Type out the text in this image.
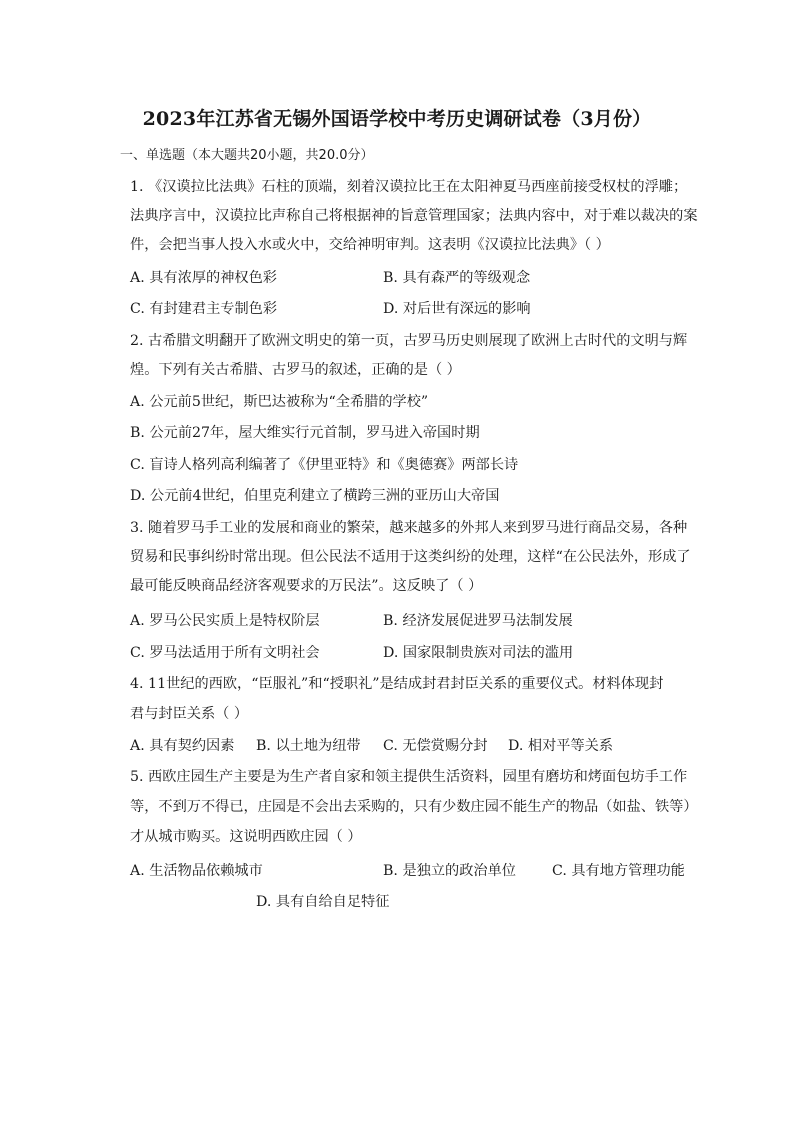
2023年江苏省无锡外国语学校中考历史调研试卷（3月份）
一、单选题（本大题共20小题，共20.0分）
1. 《汉谟拉比法典》石柱的顶端，刻着汉谟拉比王在太阳神夏马西座前接受权杖的浮雕；
法典序言中，汉谟拉比声称自己将根据神的旨意管理国家；法典内容中，对于难以裁决的案
件，会把当事人投入水或火中，交给神明审判。这表明《汉谟拉比法典》（ ）
A. 具有浓厚的神权色彩	B. 具有森严的等级观念
C. 有封建君主专制色彩	D. 对后世有深远的影响
2. 古希腊文明翻开了欧洲文明史的第一页，古罗马历史则展现了欧洲上古时代的文明与辉
煌。下列有关古希腊、古罗马的叙述，正确的是（ ）
A. 公元前5世纪，斯巴达被称为“全希腊的学校”
B. 公元前27年，屋大维实行元首制，罗马进入帝国时期
C. 盲诗人格列高利编著了《伊里亚特》和《奥德赛》两部长诗
D. 公元前4世纪，伯里克利建立了横跨三洲的亚历山大帝国
3. 随着罗马手工业的发展和商业的繁荣，越来越多的外邦人来到罗马进行商品交易，各种
贸易和民事纠纷时常出现。但公民法不适用于这类纠纷的处理，这样“在公民法外，形成了
最可能反映商品经济客观要求的万民法”。这反映了（ ）
A. 罗马公民实质上是特权阶层	B. 经济发展促进罗马法制发展
C. 罗马法适用于所有文明社会	D. 国家限制贵族对司法的滥用
4. 11世纪的西欧，“臣服礼”和“授职礼”是结成封君封臣关系的重要仪式。材料体现封
君与封臣关系（ ）
A. 具有契约因素 B. 以土地为纽带 C. 无偿赏赐分封 D. 相对平等关系
5. 西欧庄园生产主要是为生产者自家和领主提供生活资料，园里有磨坊和烤面包坊手工作
等，不到万不得已，庄园是不会出去采购的，只有少数庄园不能生产的物品（如盐、铁等）
才从城市购买。这说明西欧庄园（ ）
A. 生活物品依赖城市	B. 是独立的政治单位	C. 具有地方管理功能
D. 具有自给自足特征
